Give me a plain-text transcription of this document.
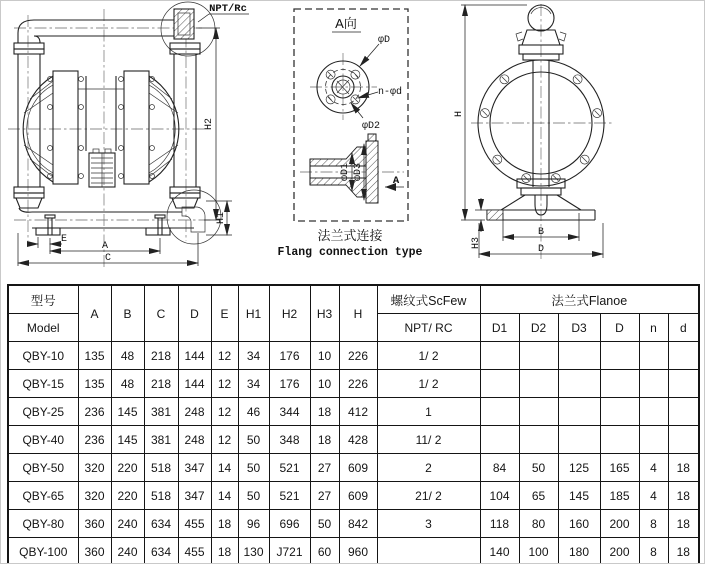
NPT/Rc
H2
H1
E
A
C
A向
φD
n-φd
φD2
φD1 φD3	A
法兰式连接
Flang connection type
H
H3
B
D
型号	A	B	C	D	E	H1	H2	H3	H	螺纹式ScFew	法兰式Flanoe					
Model										NPT/ RC	D1	D2	D3	D	n	d
QBY-10	135	48	218	144	12	34	176	10	226	1/ 2						
QBY-15	135	48	218	144	12	34	176	10	226	1/ 2						
QBY-25	236	145	381	248	12	46	344	18	412	1						
QBY-40	236	145	381	248	12	50	348	18	428	11/ 2						
QBY-50	320	220	518	347	14	50	521	27	609	2	84	50	125	165	4	18
QBY-65	320	220	518	347	14	50	521	27	609	21/ 2	104	65	145	185	4	18
QBY-80	360	240	634	455	18	96	696	50	842	3	118	80	160	200	8	18
QBY-100	360	240	634	455	18	130	J721	60	960		140	100	180	200	8	18
